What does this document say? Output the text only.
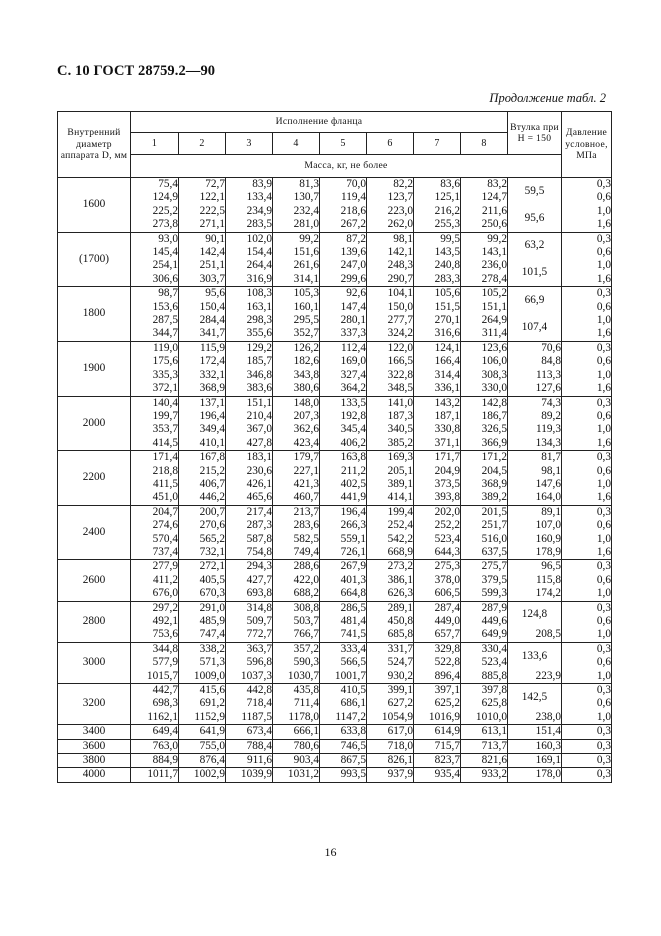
С. 10 ГОСТ 28759.2—90
Продолжение табл. 2
Внутренний диаметр аппарата D, мм	Исполнение фланца								Втулка при H = 150	Давление условное, МПа
	1	2	3	4	5	6	7	8		
	Масса, кг, не более									
1600	75,4	72,7	83,9	81,3	70,0	82,2	83,6	83,2	59,5	0,3
	124,9	122,1	133,4	130,7	119,4	123,7	125,1	124,7		0,6
	225,2	222,5	234,9	232,4	218,6	223,0	216,2	211,6	95,6	1,0
	273,8	271,1	283,5	281,0	267,2	262,0	255,3	250,6		1,6
(1700)	93,0	90,1	102,0	99,2	87,2	98,1	99,5	99,2	63,2	0,3
	145,4	142,4	154,4	151,6	139,6	142,1	143,5	143,1		0,6
	254,1	251,1	264,4	261,6	247,0	248,3	240,8	236,0	101,5	1,0
	306,6	303,7	316,9	314,1	299,6	290,7	283,3	278,4		1,6
1800	98,7	95,6	108,3	105,3	92,6	104,1	105,6	105,2	66,9	0,3
	153,6	150,4	163,1	160,1	147,4	150,0	151,5	151,1		0,6
	287,5	284,4	298,3	295,5	280,1	277,7	270,1	264,9	107,4	1,0
	344,7	341,7	355,6	352,7	337,3	324,2	316,6	311,4		1,6
1900	119,0	115,9	129,2	126,2	112,4	122,0	124,1	123,6	70,6	0,3
	175,6	172,4	185,7	182,6	169,0	166,5	166,4	106,0	84,8	0,6
	335,3	332,1	346,8	343,8	327,4	322,8	314,4	308,3	113,3	1,0
	372,1	368,9	383,6	380,6	364,2	348,5	336,1	330,0	127,6	1,6
2000	140,4	137,1	151,1	148,0	133,5	141,0	143,2	142,8	74,3	0,3
	199,7	196,4	210,4	207,3	192,8	187,3	187,1	186,7	89,2	0,6
	353,7	349,4	367,0	362,6	345,4	340,5	330,8	326,5	119,3	1,0
	414,5	410,1	427,8	423,4	406,2	385,2	371,1	366,9	134,3	1,6
2200	171,4	167,8	183,1	179,7	163,8	169,3	171,7	171,2	81,7	0,3
	218,8	215,2	230,6	227,1	211,2	205,1	204,9	204,5	98,1	0,6
	411,5	406,7	426,1	421,3	402,5	389,1	373,5	368,9	147,6	1,0
	451,0	446,2	465,6	460,7	441,9	414,1	393,8	389,2	164,0	1,6
2400	204,7	200,7	217,4	213,7	196,4	199,4	202,0	201,5	89,1	0,3
	274,6	270,6	287,3	283,6	266,3	252,4	252,2	251,7	107,0	0,6
	570,4	565,2	587,8	582,5	559,1	542,2	523,4	516,0	160,9	1,0
	737,4	732,1	754,8	749,4	726,1	668,9	644,3	637,5	178,9	1,6
2600	277,9	272,1	294,3	288,6	267,9	273,2	275,3	275,7	96,5	0,3
	411,2	405,5	427,7	422,0	401,3	386,1	378,0	379,5	115,8	0,6
	676,0	670,3	693,8	688,2	664,8	626,3	606,5	599,3	174,2	1,0
2800	297,2	291,0	314,8	308,8	286,5	289,1	287,4	287,9	124,8	0,3
	492,1	485,9	509,7	503,7	481,4	450,8	449,0	449,6		0,6
	753,6	747,4	772,7	766,7	741,5	685,8	657,7	649,9	208,5	1,0
3000	344,8	338,2	363,7	357,2	333,4	331,7	329,8	330,4	133,6	0,3
	577,9	571,3	596,8	590,3	566,5	524,7	522,8	523,4		0,6
	1015,7	1009,0	1037,3	1030,7	1001,7	930,2	896,4	885,8	223,9	1,0
3200	442,7	415,6	442,8	435,8	410,5	399,1	397,1	397,8	142,5	0,3
	698,3	691,2	718,4	711,4	686,1	627,2	625,2	625,8		0,6
	1162,1	1152,9	1187,5	1178,0	1147,2	1054,9	1016,9	1010,0	238,0	1,0
3400	649,4	641,9	673,4	666,1	633,8	617,0	614,9	613,1	151,4	0,3
3600	763,0	755,0	788,4	780,6	746,5	718,0	715,7	713,7	160,3	0,3
3800	884,9	876,4	911,6	903,4	867,5	826,1	823,7	821,6	169,1	0,3
4000	1011,7	1002,9	1039,9	1031,2	993,5	937,9	935,4	933,2	178,0	0,3
16
